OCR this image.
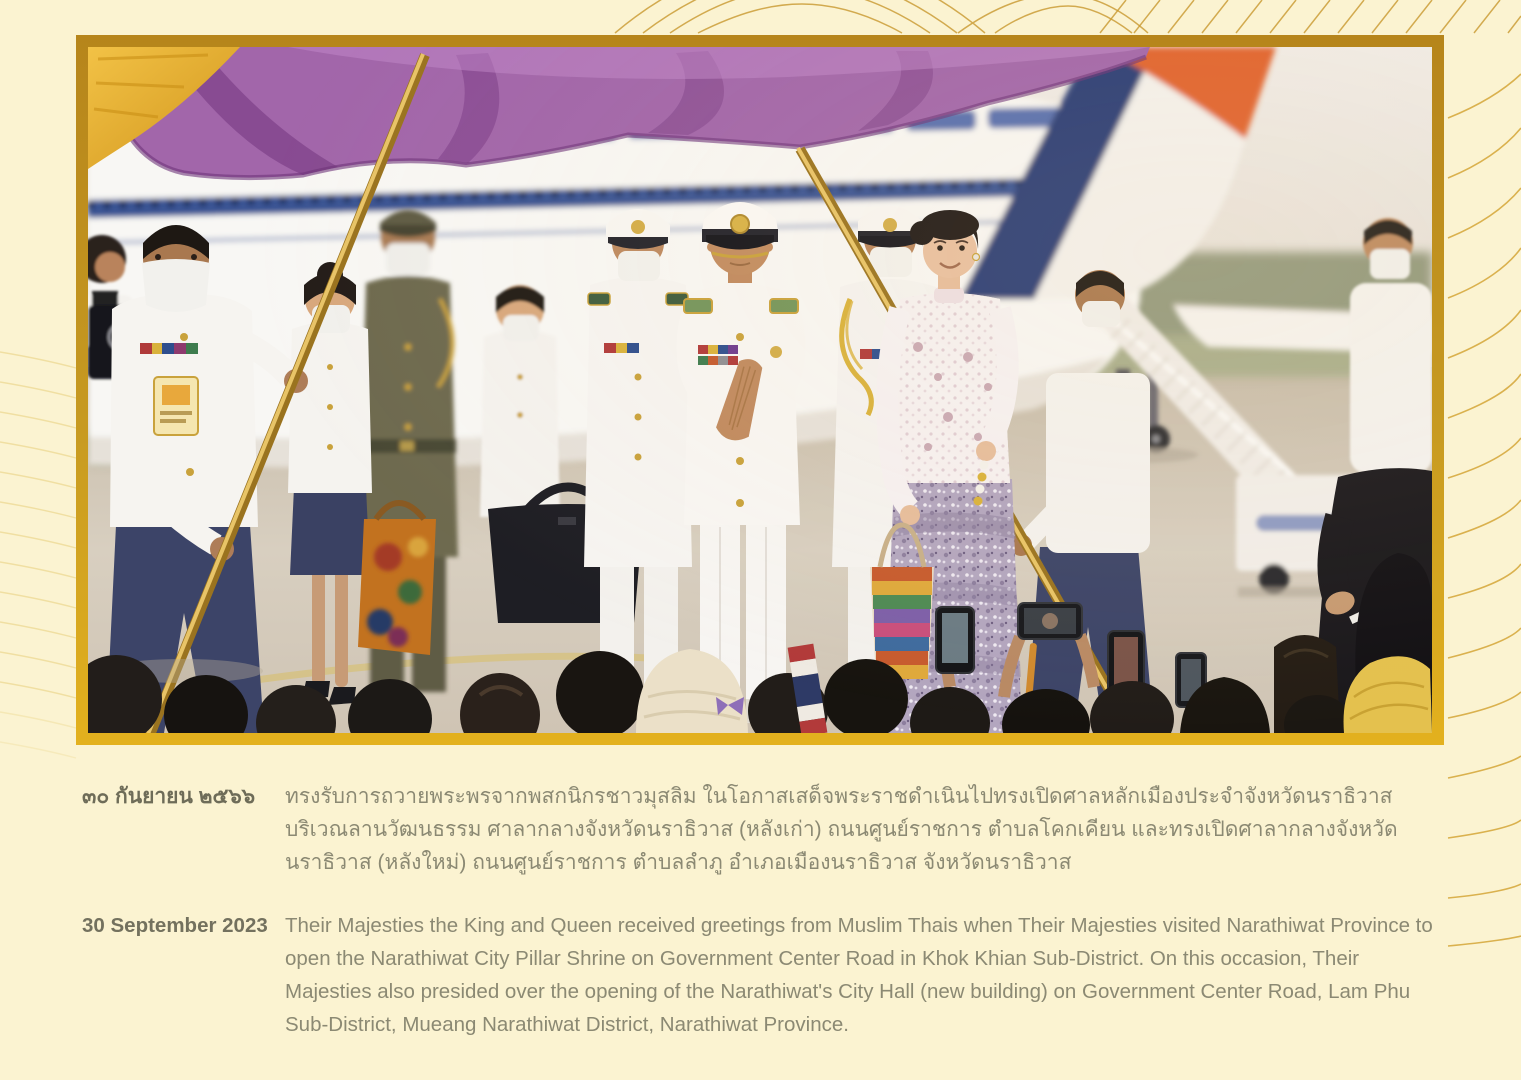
๓๐ กันยายน ๒๕๖๖	ทรงรับการถวายพระพรจากพสกนิกรชาวมุสลิม ในโอกาสเสด็จพระราชดำเนินไปทรงเปิดศาลหลักเมืองประจำจังหวัดนราธิวาส บริเวณลานวัฒนธรรม ศาลากลางจังหวัดนราธิวาส (หลังเก่า) ถนนศูนย์ราชการ ตำบลโคกเคียน และทรงเปิดศาลากลางจังหวัดนราธิวาส (หลังใหม่) ถนนศูนย์ราชการ ตำบลลำภู อำเภอเมืองนราธิวาส จังหวัดนราธิวาส
30 September 2023 Their Majesties the King and Queen received greetings from Muslim Thais when Their Majesties visited Narathiwat Province to open the Narathiwat City Pillar Shrine on Government Center Road in Khok Khian Sub-District. On this occasion, Their Majesties also presided over the opening of the Narathiwat's City Hall (new building) on Government Center Road, Lam Phu Sub-District, Mueang Narathiwat District, Narathiwat Province.
